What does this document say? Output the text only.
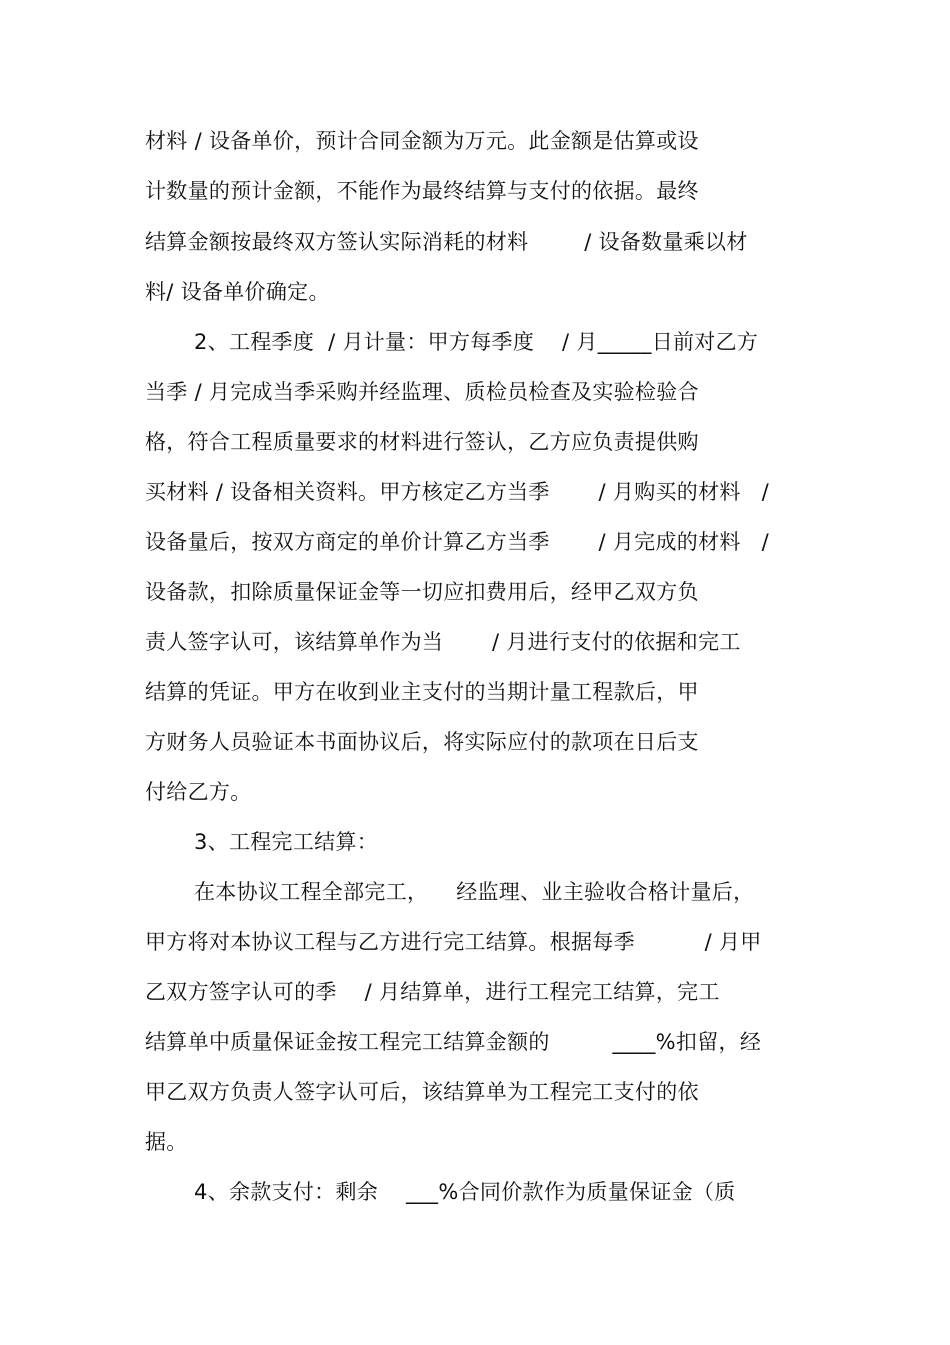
材料 / 设备单价，预计合同金额为万元。此金额是估算或设
计数量的预计金额，不能作为最终结算与支付的依据。最终
结算金额按最终双方签认实际消耗的材料        / 设备数量乘以材
料/ 设备单价确定。
2、工程季度  / 月计量：甲方每季度    / 月_____日前对乙方
当季 / 月完成当季采购并经监理、质检员检查及实验检验合
格，符合工程质量要求的材料进行签认，乙方应负责提供购
买材料 / 设备相关资料。甲方核定乙方当季       / 月购买的材料   /
设备量后，按双方商定的单价计算乙方当季       / 月完成的材料   /
设备款，扣除质量保证金等一切应扣费用后，经甲乙双方负
责人签字认可，该结算单作为当       / 月进行支付的依据和完工
结算的凭证。甲方在收到业主支付的当期计量工程款后，甲
方财务人员验证本书面协议后，将实际应付的款项在日后支
付给乙方。
3、工程完工结算：
在本协议工程全部完工，    经监理、业主验收合格计量后，
甲方将对本协议工程与乙方进行完工结算。根据每季          / 月甲
乙双方签字认可的季    / 月结算单，进行工程完工结算，完工
结算单中质量保证金按工程完工结算金额的         ____%扣留，经
甲乙双方负责人签字认可后，该结算单为工程完工支付的依
据。
4、余款支付：剩余    ___%合同价款作为质量保证金（质
